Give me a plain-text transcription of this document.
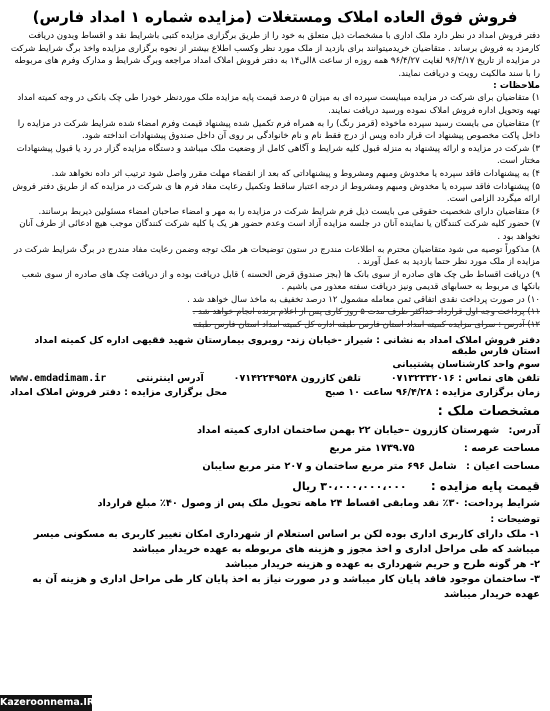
فروش فوق العاده املاک ومستغلات (مزایده شماره ۱ امداد فارس)

دفتر فروش امداد در نظر دارد ملک اداری با مشخصات ذیل متعلق به خود را از طریق برگزاری مزایده کتبی باشرایط نقد و اقساط وبدون دریافت کارمزد به فروش برساند . متقاضیان خریدمیتوانند برای بازدید از ملک مورد نظر وکسب اطلاع بیشتر از نحوه برگزاری مزایده واخذ برگ شرایط شرکت در مزایده از تاریخ ۹۶/۴/۱۷ لغایت ۹۶/۴/۲۷ همه روزه از ساعت ۸الی۱۴ به دفتر فروش املاک امداد مراجعه وبرگ شرایط و مدارک وفرم های مربوطه را با سند مالکیت رویت و دریافت نمایند.

ملاحظات :

۱) متقاضیان برای شرکت در مزایده میبایست سپرده ای به میزان ۵ درصد قیمت پایه مزایده ملک موردنظر خودرا طی چک بانکی در وجه کمیته امداد تهیه وتحویل اداره فروش املاک نموده ورسید دریافت نمایند.

۲) متقاضیان می بایست رسید سپرده ماخوذه (قرمز رنگ) را به همراه فرم تکمیل شده پیشنهاد قیمت وفرم امضاء شده شرایط شرکت در مزایده را داخل پاکت مخصوص پیشنهاد ات قرار داده وپس از درج فقط نام و نام خانوادگی بر روی آن داخل صندوق پیشنهادات انداخته شود.

۳) شرکت در مزایده و ارائه پیشنهاد به منزله قبول کلیه شرایط و آگاهی کامل از وضعیت ملک میباشد و دستگاه مزایده گزار در رد یا قبول پیشنهادات مختار است.

۴) به پیشنهادات فاقد سپرده یا مخدوش ومبهم ومشروط و پیشنهاداتی که بعد از انقضاء مهلت مقرر واصل شود ترتیب اثر داده نخواهد شد.

۵) پیشنهادات فاقد سپرده یا مخدوش ومبهم ومشروط از درجه اعتبار ساقط وتکمیل رعایت مفاد فرم ها ی شرکت در مزایده که از طریق دفتر فروش ارائه میگردد الزامی است.

۶) متقاضیان دارای شخصیت حقوقی می بایست ذیل فرم شرایط شرکت در مزایده را به مهر و امضاء صاحبان امضاء مسئولین ذیربط برسانند.

۷) حضور کلیه شرکت کنندگان یا نماینده آنان در جلسه مزایده آزاد است وعدم حضور هر یک یا کلیه شرکت کنندگان موجب هیچ ادعائی از طرف آنان نخواهد بود .

۸) مذکوراً توصیه می شود متقاضیان محترم به اطلاعات مندرج در ستون توضیحات هر ملک توجه وضمن رعایت مفاد مندرج در برگ شرایط شرکت در مزایده از ملک مورد نظر حتما بازدید به عمل آورند .

۹) دریافت اقساط طی چک های صادره از سوی بانک ها (بجز صندوق قرض الحسنه ) قابل دریافت بوده و از دریافت چک های صادره از سوی شعب بانکها ی مربوط به حسابهای قدیمی ونیز دریافت سفته معذور می باشیم .

۱۰) در صورت پرداخت نقدی اتفاقی ثمن معامله مشمول ۱۲ درصد تخفیف به ماخذ سال خواهد شد .

۱۱) پرداخت وجه اول قرارداد حداکثر ظرف مدت ۵ روز کاری پس از اعلام برنده انجام خواهد شد .

۱۲) آدرس : سرای مزایده کمیته امداد استان فارس طبقه اداره کل کمیته امداد استان فارس طبقه

دفتر فروش املاک امداد به نشانی : شیراز -خیابان زند- روبروی بیمارستان شهید فقیهی اداره کل کمیته امداد استان فارس طبقه
سوم واحد کارشناسان پشتیبانی
تلفن های تماس : ۰۷۱۳۲۳۳۲۰۱۶
تلفن کازرون ۰۷۱۴۲۲۴۹۵۴۸
آدرس اینترنتی
www.emdadimam.ir
زمان برگزاری مزایده : ۹۶/۴/۲۸ ساعت ۱۰ صبح
محل برگزاری مزایده : دفتر فروش املاک امداد
مشخصات ملک :
آدرس: شهرستان کازرون –خیابان ۲۲ بهمن ساختمان اداری کمیته امداد
مساحت عرصه : ۱۷۳۹.۷۵ متر مربع
مساحت اعیان : شامل ۶۹۶ متر مربع ساختمان و ۲۰۷ متر مربع سایبان
قیمت پایه مزایده : ۳۰،۰۰۰،۰۰۰،۰۰۰ ریال
شرایط پرداخت: ۳۰٪ نقد ومابقی اقساط ۲۴ ماهه تحویل ملک پس از وصول ۴۰٪ مبلغ قرارداد
توضیحات :

۱- ملک دارای کاربری اداری بوده لکن بر اساس استعلام از شهرداری امکان تغییر کاربری به مسکونی میسر میباشد که طی مراحل اداری و اخذ مجوز و هزینه های مربوطه به عهده خریدار میباشد

۲- هر گونه طرح و حریم شهرداری به عهده و هزینه خریدار میباشد

۳- ساختمان موجود فاقد پایان کار میباشد و در صورت نیاز به اخذ پایان کار طی مراحل اداری و هزینه آن به عهده خریدار میباشد

Kazeroonnema.IR
